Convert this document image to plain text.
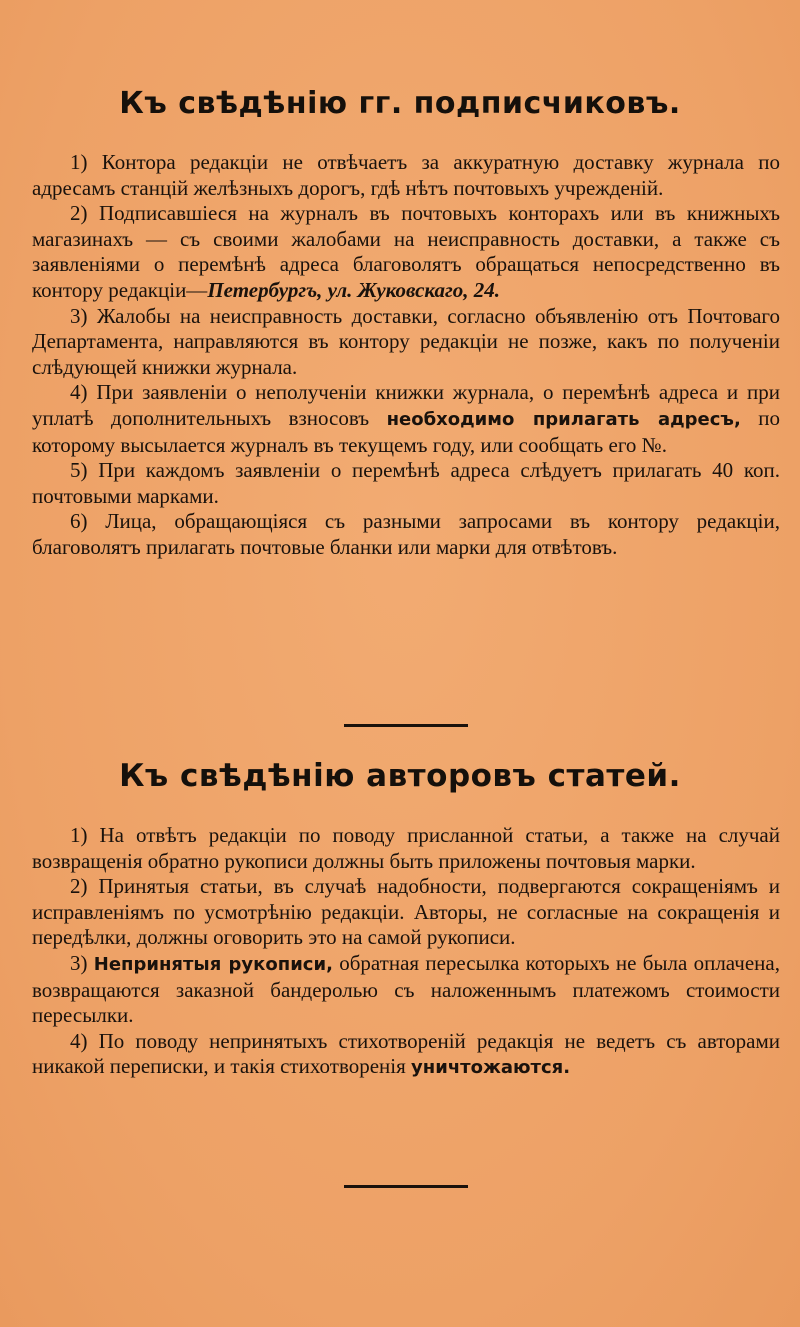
Къ свѣдѣнію гг. подписчиковъ.

1) Контора редакціи не отвѣчаетъ за аккуратную доставку журнала по адресамъ станцій желѣзныхъ дорогъ, гдѣ нѣтъ почтовыхъ учрежденій.

2) Подписавшіеся на журналъ въ почтовыхъ конторахъ или въ книжныхъ магазинахъ — съ своими жалобами на неисправность доставки, а также съ заявленіями о перемѣнѣ адреса благоволятъ обращаться непосредственно въ контору редакціи—Петербургъ, ул. Жуковскаго, 24.

3) Жалобы на неисправность доставки, согласно объявленію отъ Почтоваго Департамента, направляются въ контору редакціи не позже, какъ по полученіи слѣдующей книжки журнала.

4) При заявленіи о неполученіи книжки журнала, о перемѣнѣ адреса и при уплатѣ дополнительныхъ взносовъ необходимо прилагать адресъ, по которому высылается журналъ въ текущемъ году, или сообщать его №.

5) При каждомъ заявленіи о перемѣнѣ адреса слѣдуетъ прилагать 40 коп. почтовыми марками.

6) Лица, обращающіяся съ разными запросами въ контору редакціи, благоволятъ прилагать почтовые бланки или марки для отвѣтовъ.

Къ свѣдѣнію авторовъ статей.

1) На отвѣтъ редакціи по поводу присланной статьи, а также на случай возвращенія обратно рукописи должны быть приложены почтовыя марки.

2) Принятыя статьи, въ случаѣ надобности, подвергаются сокращеніямъ и исправленіямъ по усмотрѣнію редакціи. Авторы, не согласные на сокращенія и передѣлки, должны оговорить это на самой рукописи.

3) Непринятыя рукописи, обратная пересылка которыхъ не была оплачена, возвращаются заказной бандеролью съ наложеннымъ платежомъ стоимости пересылки.

4) По поводу непринятыхъ стихотвореній редакція не ведетъ съ авторами никакой переписки, и такія стихотворенія уничтожаются.
